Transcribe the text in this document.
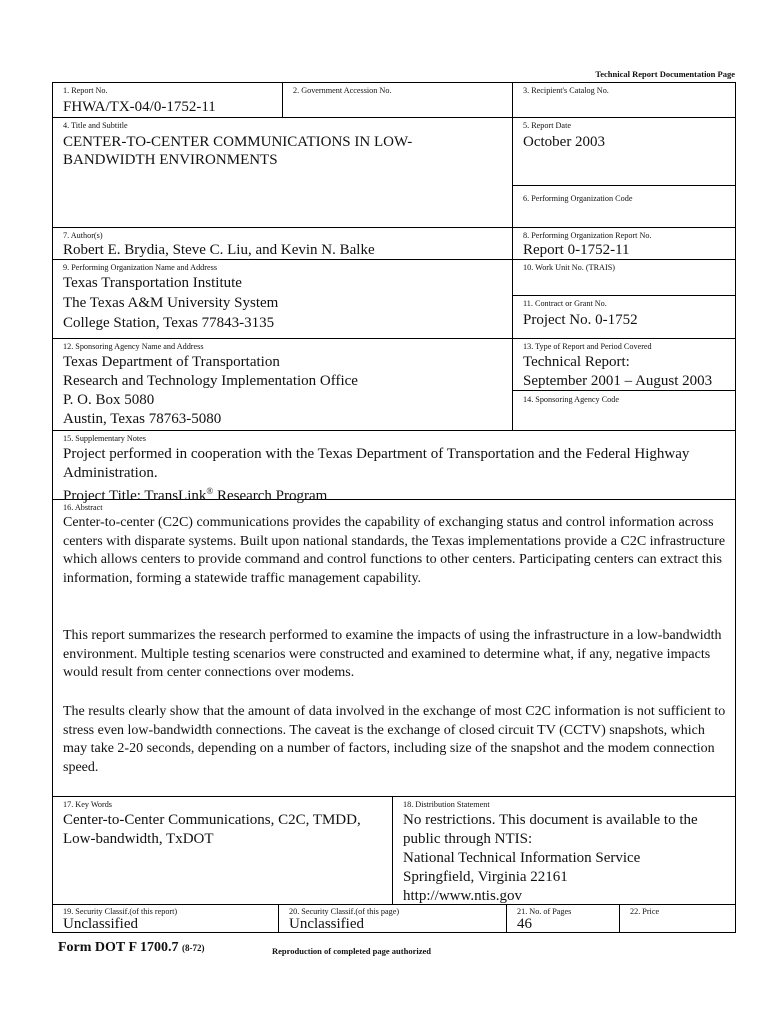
Technical Report Documentation Page
1. Report No.
FHWA/TX-04/0-1752-11
2. Government Accession No.	3. Recipient's Catalog No.
4. Title and Subtitle
CENTER-TO-CENTER COMMUNICATIONS IN LOW-
BANDWIDTH ENVIRONMENTS
5. Report Date
October 2003
6. Performing Organization Code
7. Author(s)
Robert E. Brydia, Steve C. Liu, and Kevin N. Balke
8. Performing Organization Report No.
Report 0-1752-11
9. Performing Organization Name and Address
Texas Transportation Institute
The Texas A&M University System
College Station, Texas 77843-3135
10. Work Unit No. (TRAIS)
11. Contract or Grant No.
Project No. 0-1752
12. Sponsoring Agency Name and Address
Texas Department of Transportation
Research and Technology Implementation Office
P. O. Box 5080
Austin, Texas 78763-5080
13. Type of Report and Period Covered
Technical Report:
September 2001 – August 2003
14. Sponsoring Agency Code
15. Supplementary Notes
Project performed in cooperation with the Texas Department of Transportation and the Federal Highway
Administration.
Project Title: TransLink® Research Program
16. Abstract
Center-to-center (C2C) communications provides the capability of exchanging status and control information across centers with disparate systems. Built upon national standards, the Texas implementations provide a C2C infrastructure which allows centers to provide command and control functions to other centers. Participating centers can extract this information, forming a statewide traffic management capability.
This report summarizes the research performed to examine the impacts of using the infrastructure in a low-bandwidth environment. Multiple testing scenarios were constructed and examined to determine what, if any, negative impacts would result from center connections over modems.
The results clearly show that the amount of data involved in the exchange of most C2C information is not sufficient to stress even low-bandwidth connections. The caveat is the exchange of closed circuit TV (CCTV) snapshots, which may take 2-20 seconds, depending on a number of factors, including size of the snapshot and the modem connection speed.
17. Key Words
Center-to-Center Communications, C2C, TMDD,
Low-bandwidth, TxDOT
18. Distribution Statement
No restrictions. This document is available to the
public through NTIS:
National Technical Information Service
Springfield, Virginia 22161
http://www.ntis.gov
19. Security Classif.(of this report)
Unclassified
20. Security Classif.(of this page)
Unclassified
21. No. of Pages
46
22. Price
Form DOT F 1700.7 (8-72)	Reproduction of completed page authorized
